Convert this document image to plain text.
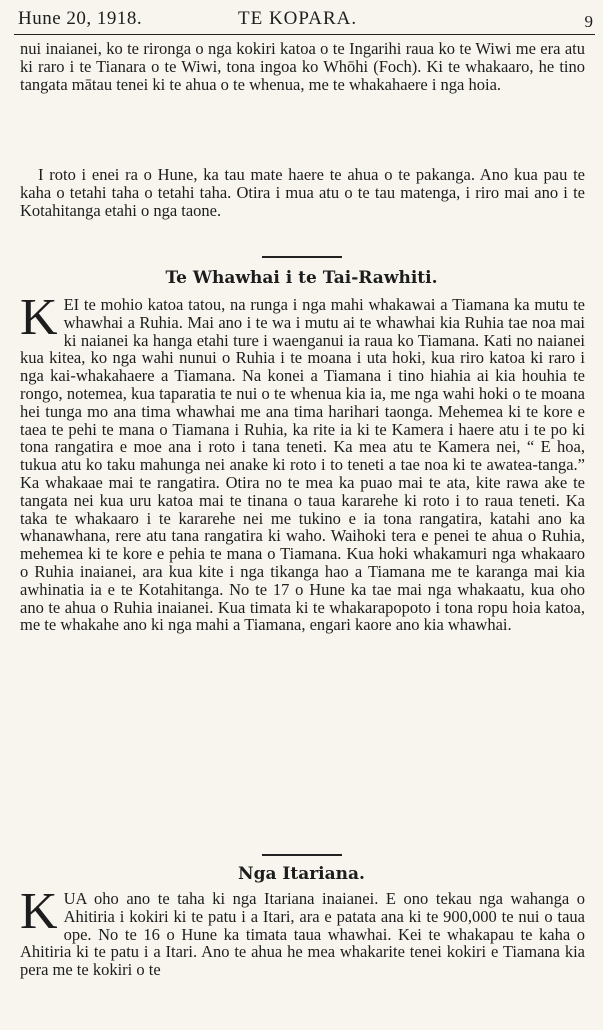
Hune 20, 1918.	TE KOPARA.	9

nui inaianei, ko te rironga o nga kokiri katoa o te Ingarihi raua ko te Wiwi me era atu ki raro i te Tianara o te Wiwi, tona ingoa ko Whōhi (Foch). Ki te whakaaro, he tino tangata mātau tenei ki te ahua o te whenua, me te whakahaere i nga hoia.

I roto i enei ra o Hune, ka tau mate haere te ahua o te pakanga. Ano kua pau te kaha o tetahi taha o tetahi taha. Otira i mua atu o te tau matenga, i riro mai ano i te Kotahitanga etahi o nga taone.

Te Whawhai i te Tai-Rawhiti.
KEI te mohio katoa tatou, na runga i nga mahi whakawai a Tiamana ka mutu te whawhai a Ruhia. Mai ano i te wa i mutu ai te whawhai kia Ruhia tae noa mai ki naianei ka hanga etahi ture i waenganui ia raua ko Tiamana. Kati no naianei kua kitea, ko nga wahi nunui o Ruhia i te moana i uta hoki, kua riro katoa ki raro i nga kai-whakahaere a Tiamana. Na konei a Tiamana i tino hiahia ai kia houhia te rongo, notemea, kua taparatia te nui o te whenua kia ia, me nga wahi hoki o te moana hei tunga mo ana tima whawhai me ana tima harihari taonga. Mehemea ki te kore e taea te pehi te mana o Tiamana i Ruhia, ka rite ia ki te Kamera i haere atu i te po ki tona rangatira e moe ana i roto i tana teneti. Ka mea atu te Kamera nei, “ E hoa, tukua atu ko taku mahunga nei anake ki roto i to teneti a tae noa ki te awatea-tanga.” Ka whakaae mai te rangatira. Otira no te mea ka puao mai te ata, kite rawa ake te tangata nei kua uru katoa mai te tinana o taua kararehe ki roto i to raua teneti. Ka taka te whakaaro i te kararehe nei me tukino e ia tona rangatira, katahi ano ka whanawhana, rere atu tana rangatira ki waho. Waihoki tera e penei te ahua o Ruhia, mehemea ki te kore e pehia te mana o Tiamana. Kua hoki whakamuri nga whakaaro o Ruhia inaianei, ara kua kite i nga tikanga hao a Tiamana me te karanga mai kia awhinatia ia e te Kotahitanga. No te 17 o Hune ka tae mai nga whakaatu, kua oho ano te ahua o Ruhia inaianei. Kua timata ki te whakarapopoto i tona ropu hoia katoa, me te whakahe ano ki nga mahi a Tiamana, engari kaore ano kia whawhai.
Nga Itariana.
KUA oho ano te taha ki nga Itariana inaianei. E ono tekau nga wahanga o Ahitiria i kokiri ki te patu i a Itari, ara e patata ana ki te 900,000 te nui o taua ope. No te 16 o Hune ka timata taua whawhai. Kei te whakapau te kaha o Ahitiria ki te patu i a Itari. Ano te ahua he mea whakarite tenei kokiri e Tiamana kia pera me te kokiri o te
